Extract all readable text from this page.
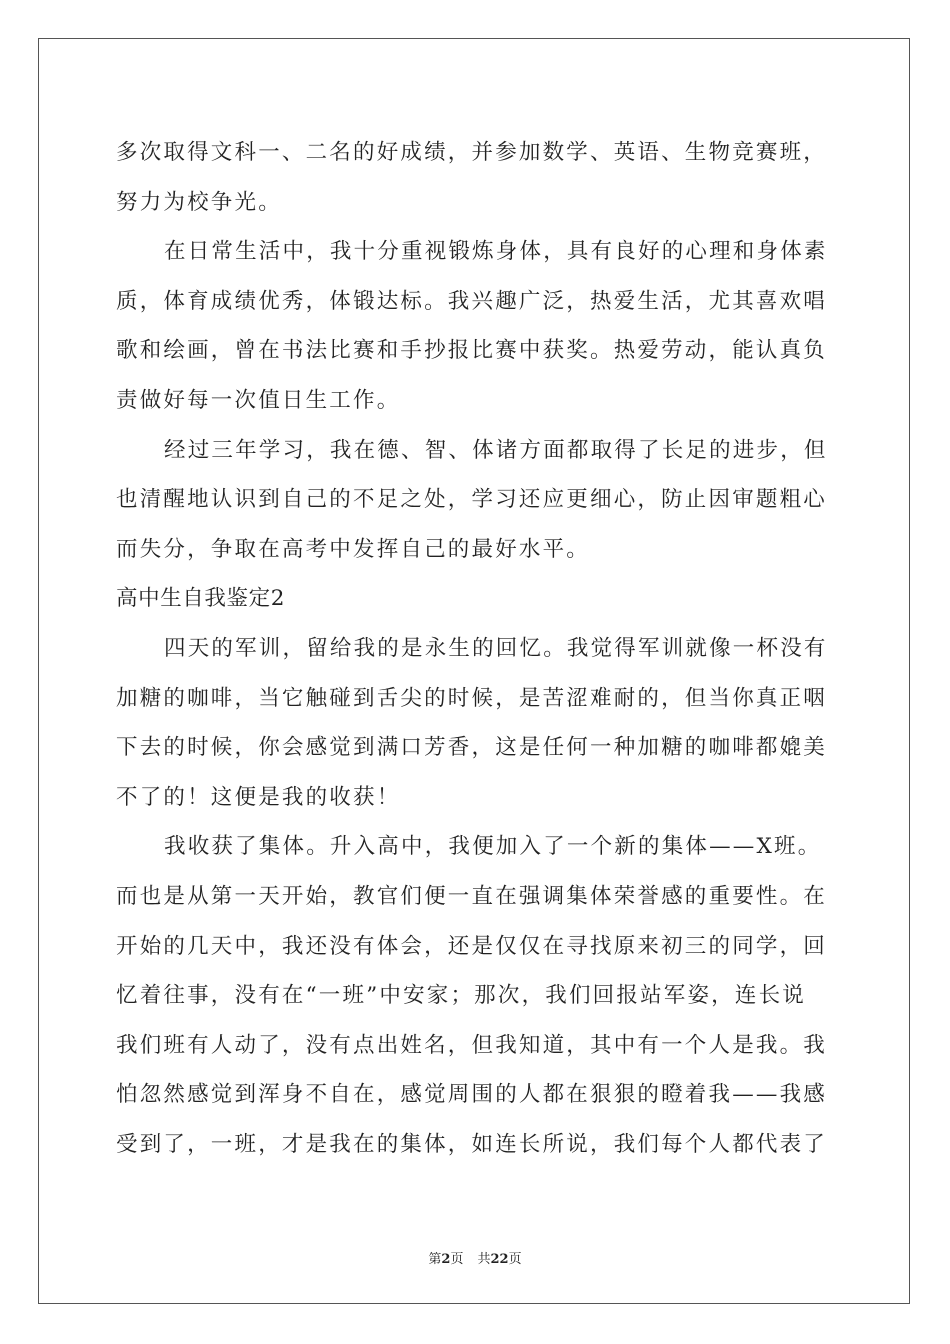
多次取得文科一、二名的好成绩，并参加数学、英语、生物竞赛班，
努力为校争光。
在日常生活中，我十分重视锻炼身体，具有良好的心理和身体素
质，体育成绩优秀，体锻达标。我兴趣广泛，热爱生活，尤其喜欢唱
歌和绘画，曾在书法比赛和手抄报比赛中获奖。热爱劳动，能认真负
责做好每一次值日生工作。
经过三年学习，我在德、智、体诸方面都取得了长足的进步，但
也清醒地认识到自己的不足之处，学习还应更细心，防止因审题粗心
而失分，争取在高考中发挥自己的最好水平。
高中生自我鉴定2
四天的军训，留给我的是永生的回忆。我觉得军训就像一杯没有
加糖的咖啡，当它触碰到舌尖的时候，是苦涩难耐的，但当你真正咽
下去的时候，你会感觉到满口芳香，这是任何一种加糖的咖啡都媲美
不了的！这便是我的收获！
我收获了集体。升入高中，我便加入了一个新的集体——X班。
而也是从第一天开始，教官们便一直在强调集体荣誉感的重要性。在
开始的几天中，我还没有体会，还是仅仅在寻找原来初三的同学，回
忆着往事，没有在“一班”中安家；那次，我们回报站军姿，连长说
我们班有人动了，没有点出姓名，但我知道，其中有一个人是我。我
怕忽然感觉到浑身不自在，感觉周围的人都在狠狠的瞪着我——我感
受到了，一班，才是我在的集体，如连长所说，我们每个人都代表了
第2页 共22页
